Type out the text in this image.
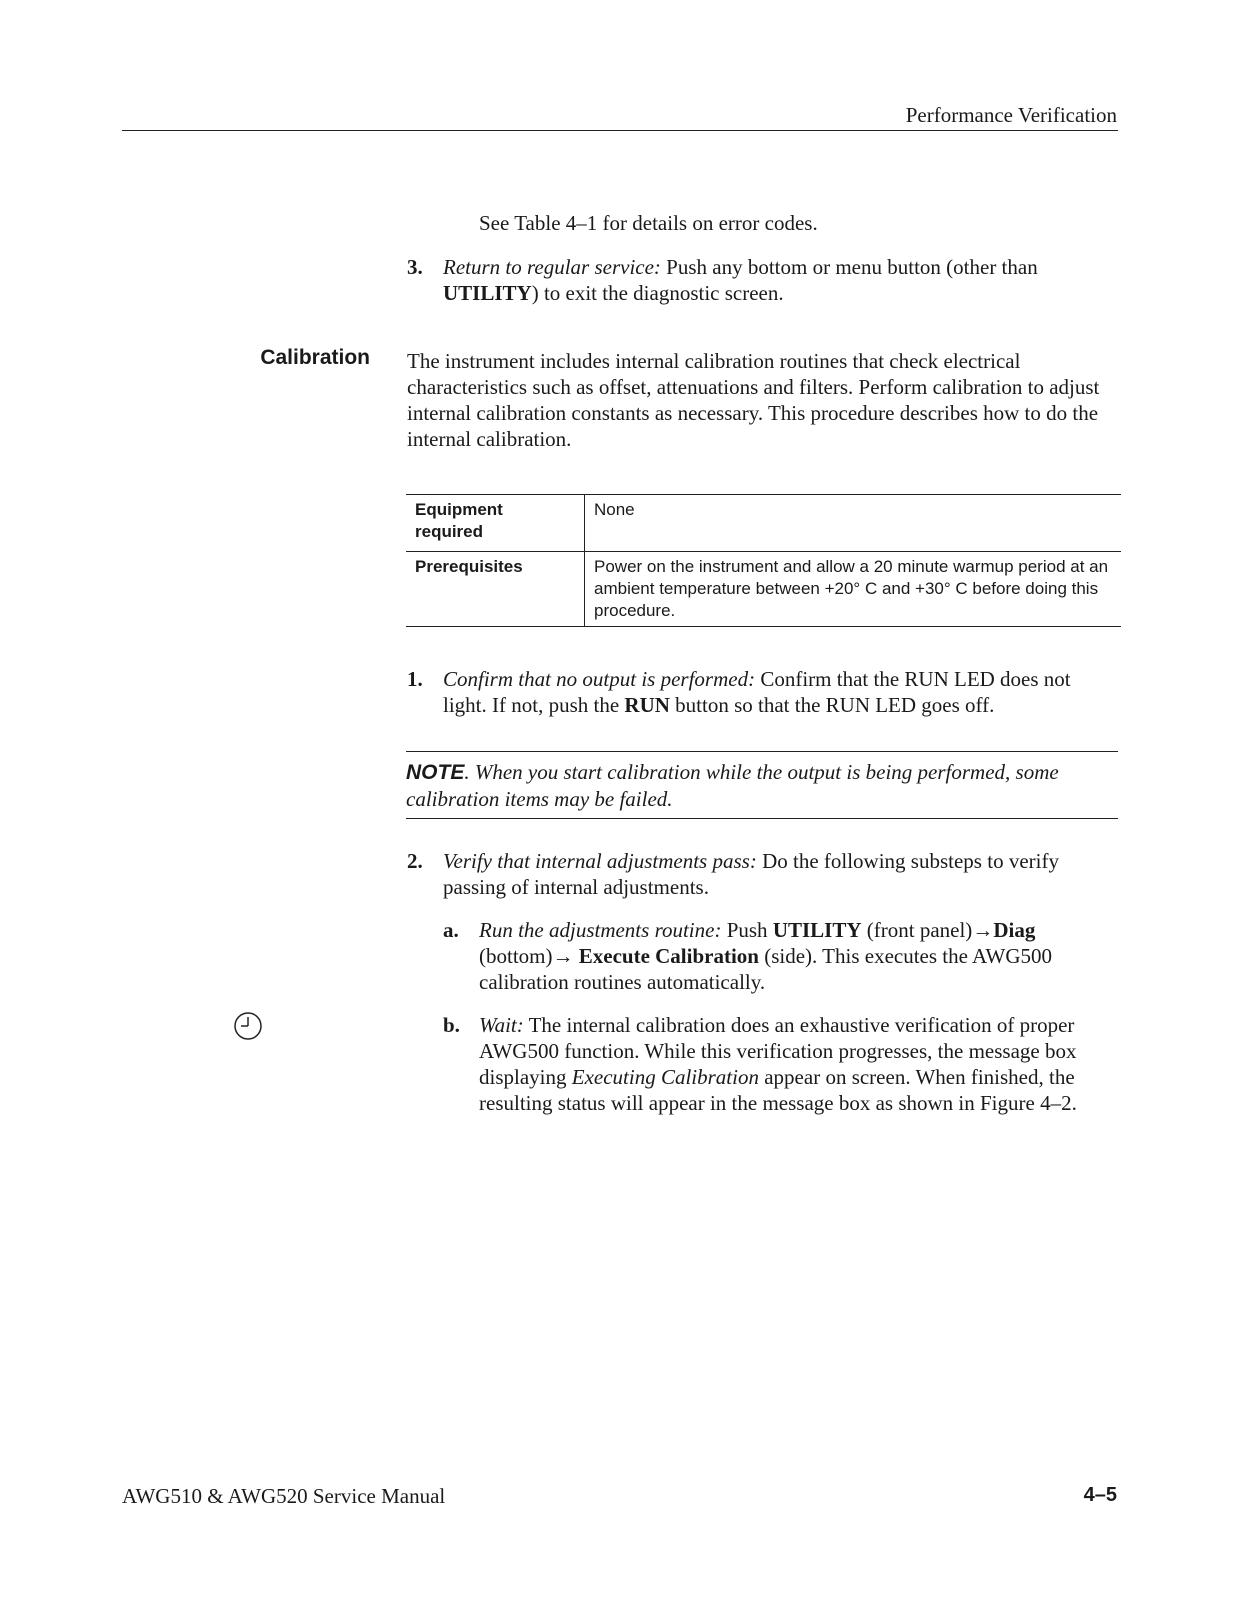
Performance Verification
See Table 4–1 for details on error codes.
3. Return to regular service: Push any bottom or menu button (other than UTILITY) to exit the diagnostic screen.
Calibration The instrument includes internal calibration routines that check electrical characteristics such as offset, attenuations and filters. Perform calibration to adjust internal calibration constants as necessary. This procedure describes how to do the internal calibration.
Equipment required	None
Prerequisites	Power on the instrument and allow a 20 minute warmup period at an ambient temperature between +20° C and +30° C before doing this procedure.
1. Confirm that no output is performed: Confirm that the RUN LED does not light. If not, push the RUN button so that the RUN LED goes off.
NOTE. When you start calibration while the output is being performed, some calibration items may be failed.
2. Verify that internal adjustments pass: Do the following substeps to verify passing of internal adjustments.
a. Run the adjustments routine: Push UTILITY (front panel)→Diag (bottom)→ Execute Calibration (side). This executes the AWG500 calibration routines automatically.
b. Wait: The internal calibration does an exhaustive verification of proper AWG500 function. While this verification progresses, the message box displaying Executing Calibration appear on screen. When finished, the resulting status will appear in the message box as shown in Figure 4–2.
AWG510 & AWG520 Service Manual	4–5
